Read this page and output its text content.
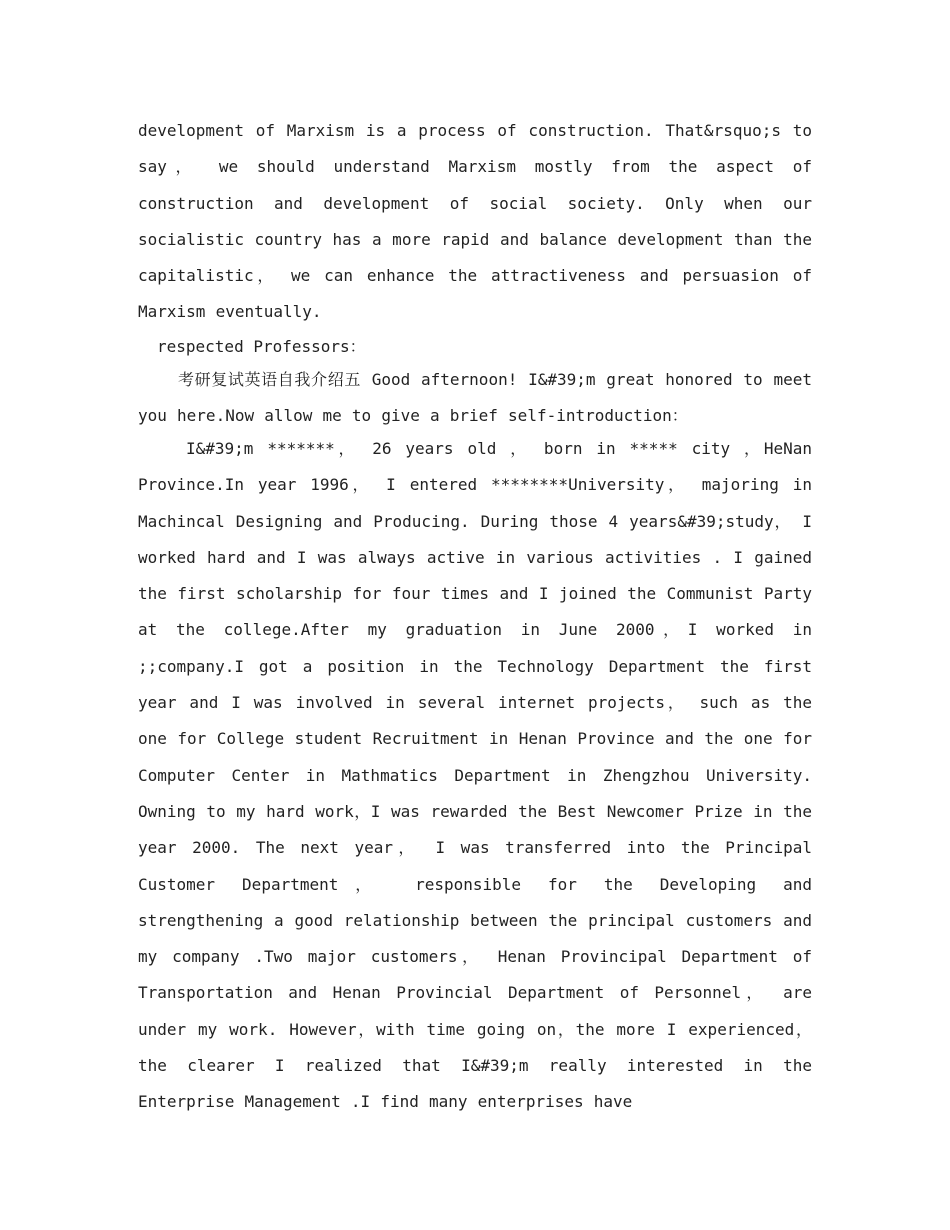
development of Marxism is a process of construction. That&rsquo;s to say， we should understand Marxism mostly from the aspect of construction and development of social society. Only when our socialistic country has a more rapid and balance development than the capitalistic， we can enhance the attractiveness and persuasion of Marxism eventually.

respected Professors：

考研复试英语自我介绍五 Good afternoon! I&#39;m great honored to meet you here.Now allow me to give a brief self-introduction：

I&#39;m *******， 26 years old ， born in ***** city ，HeNan Province.In year 1996， I entered ********University， majoring in Machincal Designing and Producing. During those 4 years&#39;study， I worked hard and I was always active in various activities . I gained the first scholarship for four times and I joined the Communist Party at the college.After my graduation in June 2000，I worked in ;;company.I got a position in the Technology Department the first year and I was involved in several internet projects， such as the one for College student Recruitment in Henan Province and the one for Computer Center in Mathmatics Department in Zhengzhou University. Owning to my hard work，I was rewarded the Best Newcomer Prize in the year 2000. The next year， I was transferred into the Principal Customer Department， responsible for the Developing and strengthening a good relationship between the principal customers and my company .Two major customers， Henan Provincipal Department of Transportation and Henan Provincial Department of Personnel， are under my work. However，with time going on，the more I experienced， the clearer I realized that I&#39;m really interested in the Enterprise Management .I find many enterprises have
